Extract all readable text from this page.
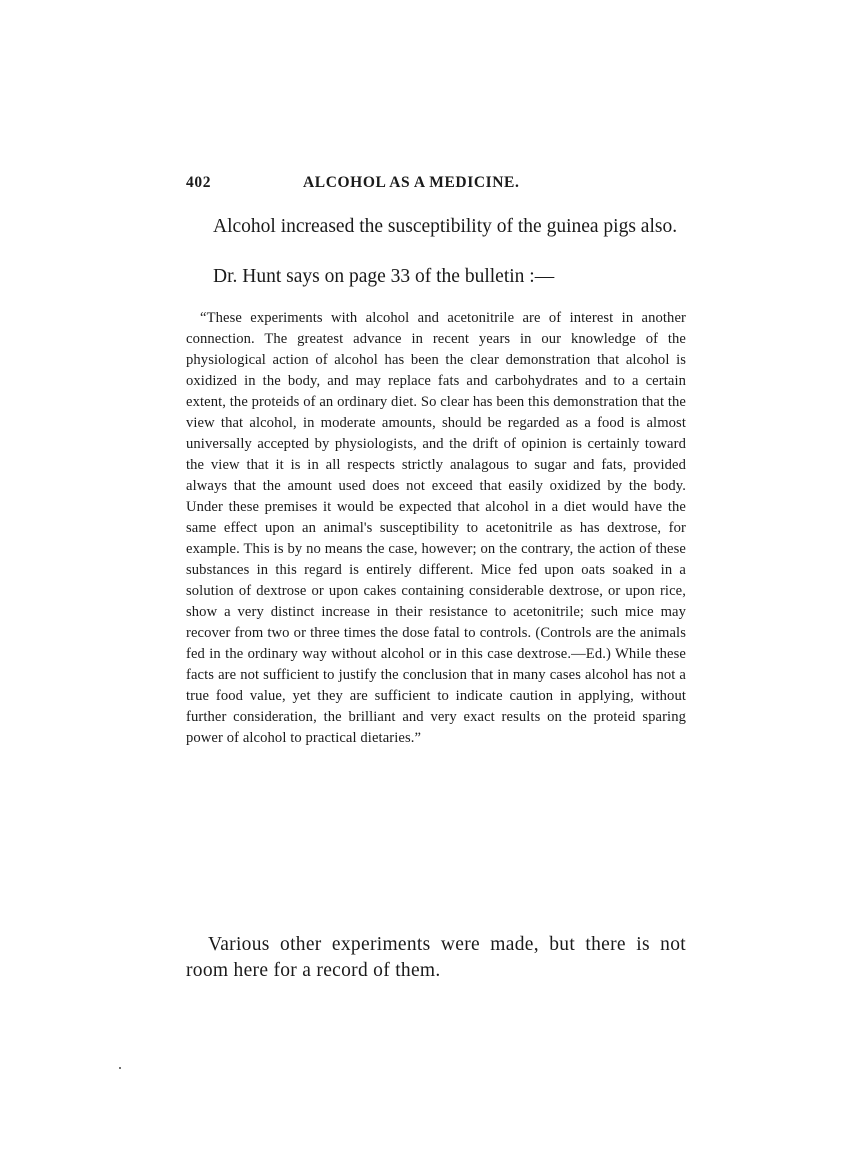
402	ALCOHOL AS A MEDICINE.

Alcohol increased the susceptibility of the guinea pigs also.

Dr. Hunt says on page 33 of the bulletin :—

“These experiments with alcohol and acetonitrile are of interest in another connection. The greatest advance in recent years in our knowledge of the physiological action of alcohol has been the clear demonstration that alcohol is oxidized in the body, and may replace fats and carbohydrates and to a certain extent, the proteids of an ordinary diet. So clear has been this demonstration that the view that alcohol, in moderate amounts, should be regarded as a food is almost universally accepted by physiologists, and the drift of opinion is certainly toward the view that it is in all respects strictly analagous to sugar and fats, provided always that the amount used does not exceed that easily oxidized by the body. Under these premises it would be expected that alcohol in a diet would have the same effect upon an animal's susceptibility to acetonitrile as has dextrose, for example. This is by no means the case, however; on the contrary, the action of these substances in this regard is entirely different. Mice fed upon oats soaked in a solution of dextrose or upon cakes containing considerable dextrose, or upon rice, show a very distinct increase in their resistance to acetonitrile; such mice may recover from two or three times the dose fatal to controls. (Controls are the animals fed in the ordinary way without alcohol or in this case dextrose.—Ed.) While these facts are not sufficient to justify the conclusion that in many cases alcohol has not a true food value, yet they are sufficient to indicate caution in applying, without further consideration, the brilliant and very exact results on the proteid sparing power of alcohol to practical dietaries.”

Various other experiments were made, but there is not room here for a record of them.
